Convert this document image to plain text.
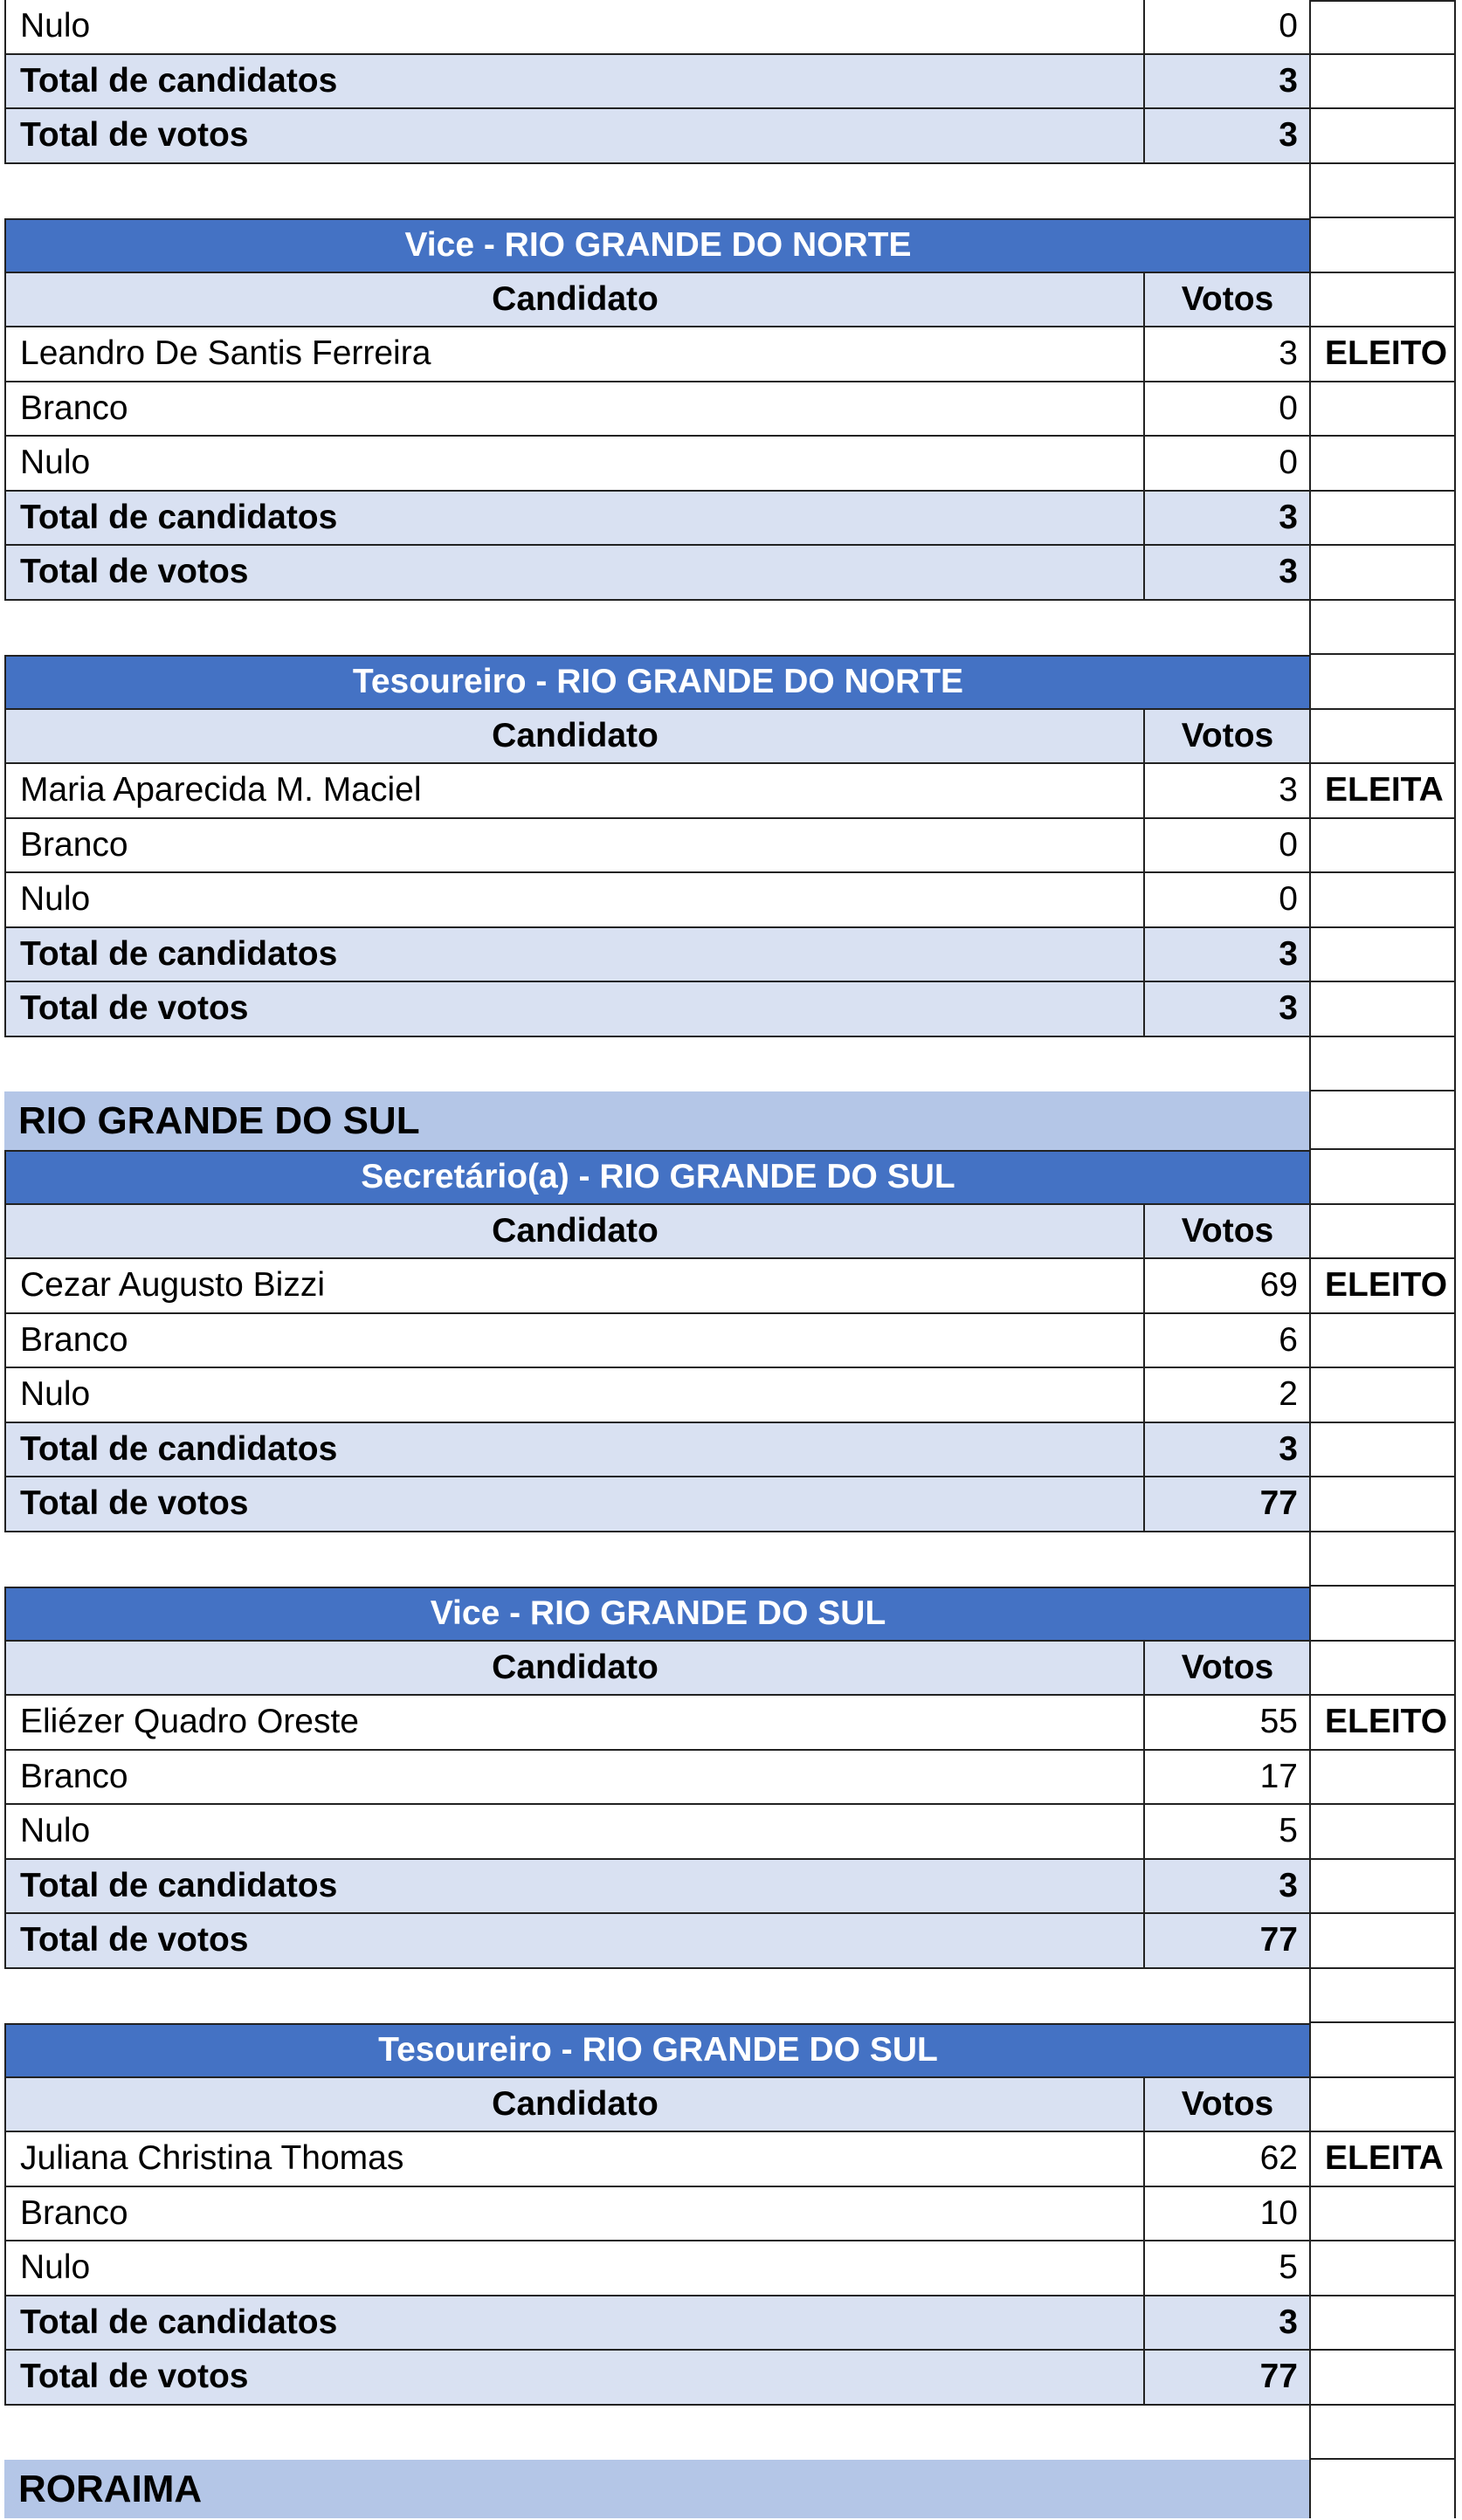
Nulo	0
Total de candidatos	3
Total de votos	3
Vice - RIO GRANDE DO NORTE
Candidato	Votos
Leandro De Santis Ferreira	3 ELEITO
Branco	0
Nulo	0
Total de candidatos	3
Total de votos	3
Tesoureiro - RIO GRANDE DO NORTE
Candidato	Votos
Maria Aparecida M. Maciel	3 ELEITA
Branco	0
Nulo	0
Total de candidatos	3
Total de votos	3
RIO GRANDE DO SUL
Secretário(a) - RIO GRANDE DO SUL
Candidato	Votos
Cezar Augusto Bizzi	69 ELEITO
Branco	6
Nulo	2
Total de candidatos	3
Total de votos	77
Vice - RIO GRANDE DO SUL
Candidato	Votos
Eliézer Quadro Oreste	55 ELEITO
Branco	17
Nulo	5
Total de candidatos	3
Total de votos	77
Tesoureiro - RIO GRANDE DO SUL
Candidato	Votos
Juliana Christina Thomas	62 ELEITA
Branco	10
Nulo	5
Total de candidatos	3
Total de votos	77
RORAIMA
